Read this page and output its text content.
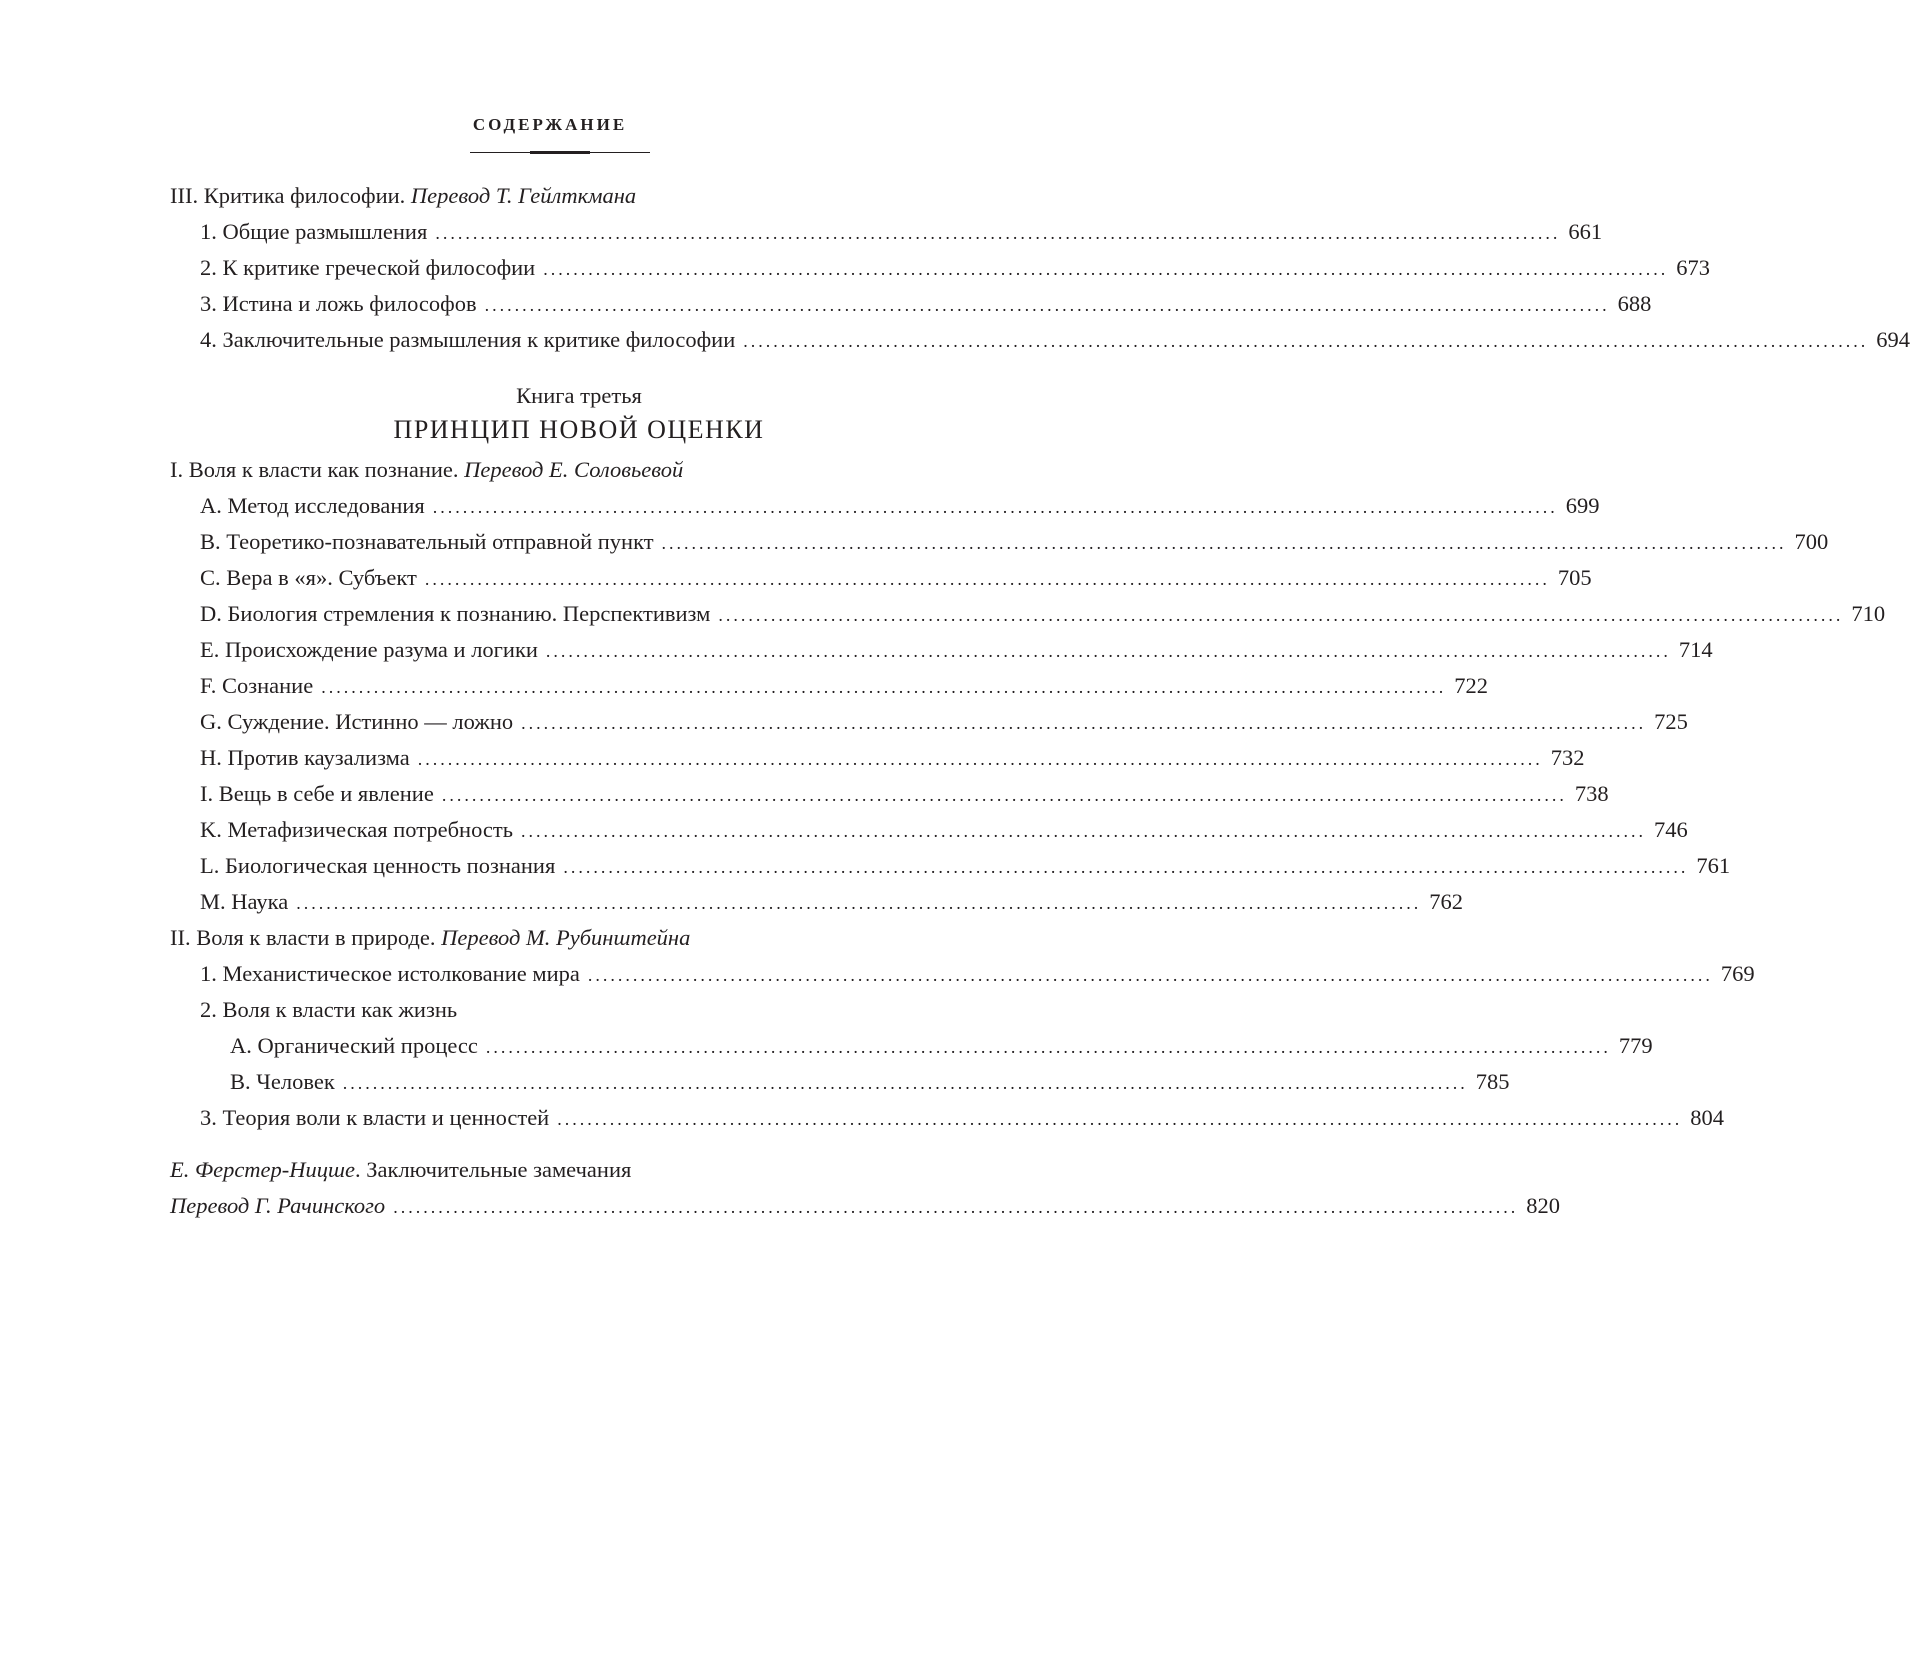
СОДЕРЖАНИЕ
III. Критика философии. Перевод Т. Гейлткмана
1. Общие размышления .....	661
2. К критике греческой философии .....	673
3. Истина и ложь философов .....	688
4. Заключительные размышления к критике философии .....	694
Книга третья
ПРИНЦИП НОВОЙ ОЦЕНКИ
I. Воля к власти как познание. Перевод Е. Соловьевой
A. Метод исследования .....	699
B. Теоретико-познавательный отправной пункт .....	700
C. Вера в «я». Субъект .....	705
D. Биология стремления к познанию. Перспективизм .....	710
E. Происхождение разума и логики .....	714
F. Сознание .....	722
G. Суждение. Истинно — ложно .....	725
H. Против каузализма .....	732
I. Вещь в себе и явление .....	738
K. Метафизическая потребность .....	746
L. Биологическая ценность познания .....	761
M. Наука .....	762
II. Воля к власти в природе. Перевод М. Рубинштейна
1. Механистическое истолкование мира .....	769
2. Воля к власти как жизнь
A. Органический процесс .....	779
B. Человек .....	785
3. Теория воли к власти и ценностей .....	804
Е. Ферстер-Ницше. Заключительные замечания
Перевод Г. Рачинского .....	820
